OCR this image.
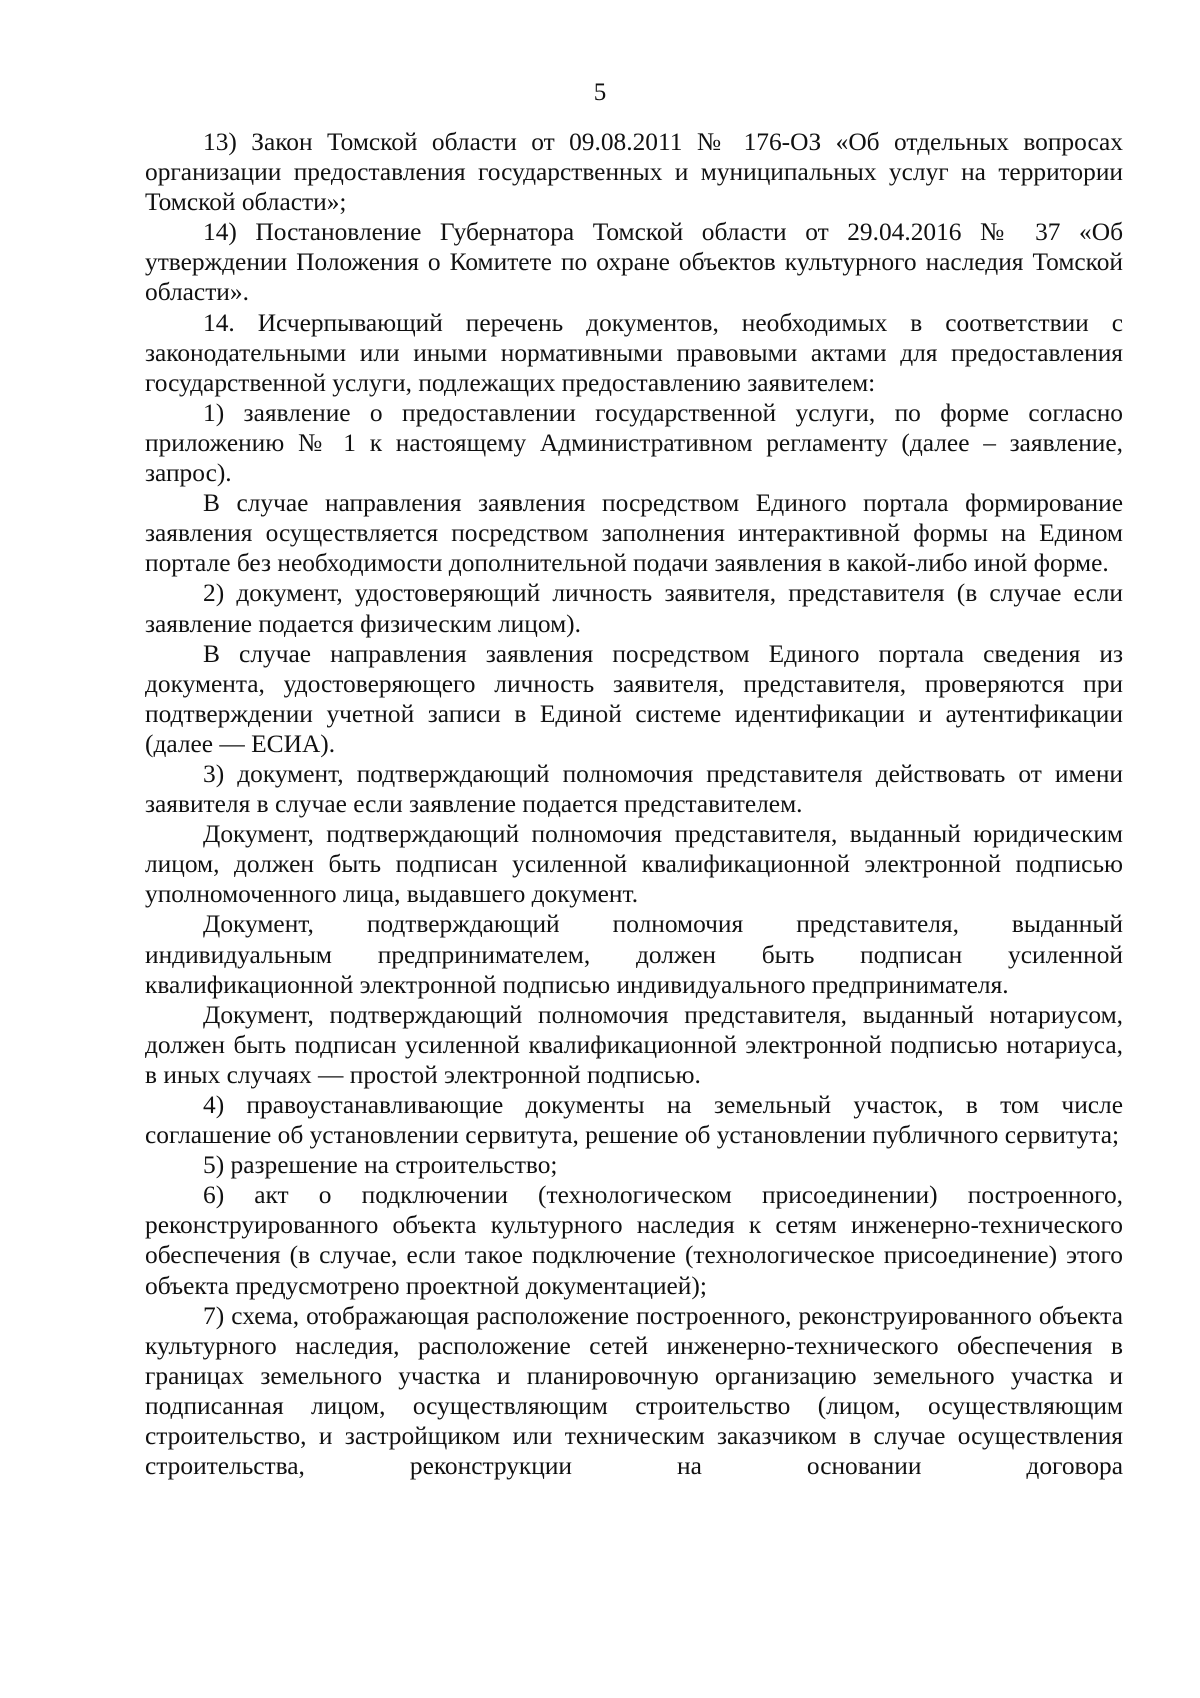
5

13) Закон Томской области от 09.08.2011 № 176-ОЗ «Об отдельных вопросах организации предоставления государственных и муниципальных услуг на территории Томской области»;

14) Постановление Губернатора Томской области от 29.04.2016 № 37 «Об утверждении Положения о Комитете по охране объектов культурного наследия Томской области».

14. Исчерпывающий перечень документов, необходимых в соответствии с законодательными или иными нормативными правовыми актами для предоставления государственной услуги, подлежащих предоставлению заявителем:

1) заявление о предоставлении государственной услуги, по форме согласно приложению № 1 к настоящему Административном регламенту (далее – заявление, запрос).

В случае направления заявления посредством Единого портала формирование заявления осуществляется посредством заполнения интерактивной формы на Едином портале без необходимости дополнительной подачи заявления в какой-либо иной форме.

2) документ, удостоверяющий личность заявителя, представителя (в случае если заявление подается физическим лицом).

В случае направления заявления посредством Единого портала сведения из документа, удостоверяющего личность заявителя, представителя, проверяются при подтверждении учетной записи в Единой системе идентификации и аутентификации (далее — ЕСИА).

3) документ, подтверждающий полномочия представителя действовать от имени заявителя в случае если заявление подается представителем.

Документ, подтверждающий полномочия представителя, выданный юридическим лицом, должен быть подписан усиленной квалификационной электронной подписью уполномоченного лица, выдавшего документ.

Документ, подтверждающий полномочия представителя, выданный индивидуальным предпринимателем, должен быть подписан усиленной квалификационной электронной подписью индивидуального предпринимателя.

Документ, подтверждающий полномочия представителя, выданный нотариусом, должен быть подписан усиленной квалификационной электронной подписью нотариуса, в иных случаях — простой электронной подписью.

4) правоустанавливающие документы на земельный участок, в том числе соглашение об установлении сервитута, решение об установлении публичного сервитута;

5) разрешение на строительство;

6) акт о подключении (технологическом присоединении) построенного, реконструированного объекта культурного наследия к сетям инженерно-технического обеспечения (в случае, если такое подключение (технологическое присоединение) этого объекта предусмотрено проектной документацией);

7) схема, отображающая расположение построенного, реконструированного объекта культурного наследия, расположение сетей инженерно-технического обеспечения в границах земельного участка и планировочную организацию земельного участка и подписанная лицом, осуществляющим строительство (лицом, осуществляющим строительство, и застройщиком или техническим заказчиком в случае осуществления строительства, реконструкции на основании договора
